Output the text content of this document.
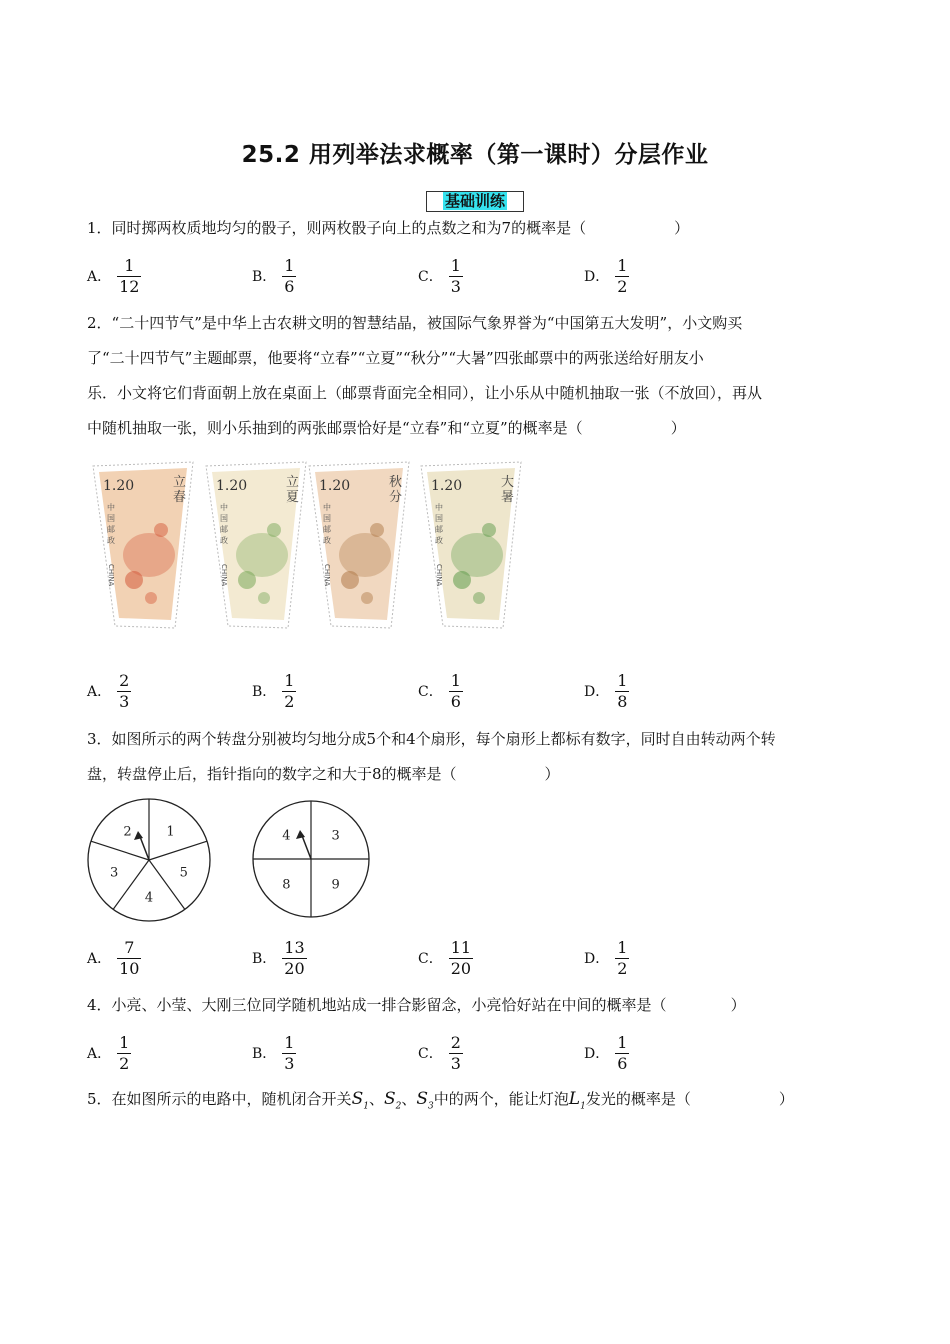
25.2 用列举法求概率（第一课时）分层作业
基础训练
1．同时掷两枚质地均匀的骰子，则两枚骰子向上的点数之和为7的概率是（	）
A． $\frac{1}{12}$	B． $\frac{1}{6}$	C． $\frac{1}{3}$	D． $\frac{1}{2}$
2．“二十四节气”是中华上古农耕文明的智慧结晶，被国际气象界誉为“中国第五大发明”，小文购买
了“二十四节气”主题邮票，他要将“立春”“立夏”“秋分”“大暑”四张邮票中的两张送给好朋友小
乐．小文将它们背面朝上放在桌面上（邮票背面完全相同），让小乐从中随机抽取一张（不放回），再从
中随机抽取一张，则小乐抽到的两张邮票恰好是“立春”和“立夏”的概率是（	）
1.20	立春
中国邮政
CHINA
1.20	立夏
中国邮政
CHINA
1.20	秋分
中国邮政
CHINA
1.20	大暑
中国邮政
CHINA
A． $\frac{2}{3}$	B． $\frac{1}{2}$	C． $\frac{1}{6}$	D． $\frac{1}{8}$
3．如图所示的两个转盘分别被均匀地分成5个和4个扇形，每个扇形上都标有数字，同时自由转动两个转
盘，转盘停止后，指针指向的数字之和大于8的概率是（	）
1
5
4
3
2	3
9
8
4
A． $\frac{7}{10}$	B． $\frac{13}{20}$	C． $\frac{11}{20}$	D． $\frac{1}{2}$
4．小亮、小莹、大刚三位同学随机地站成一排合影留念，小亮恰好站在中间的概率是（	）
A． $\frac{1}{2}$	B． $\frac{1}{3}$	C． $\frac{2}{3}$	D． $\frac{1}{6}$
5．在如图所示的电路中，随机闭合开关$S_1$、$S_2$、$S_3$中的两个，能让灯泡$L_1$发光的概率是（	）
